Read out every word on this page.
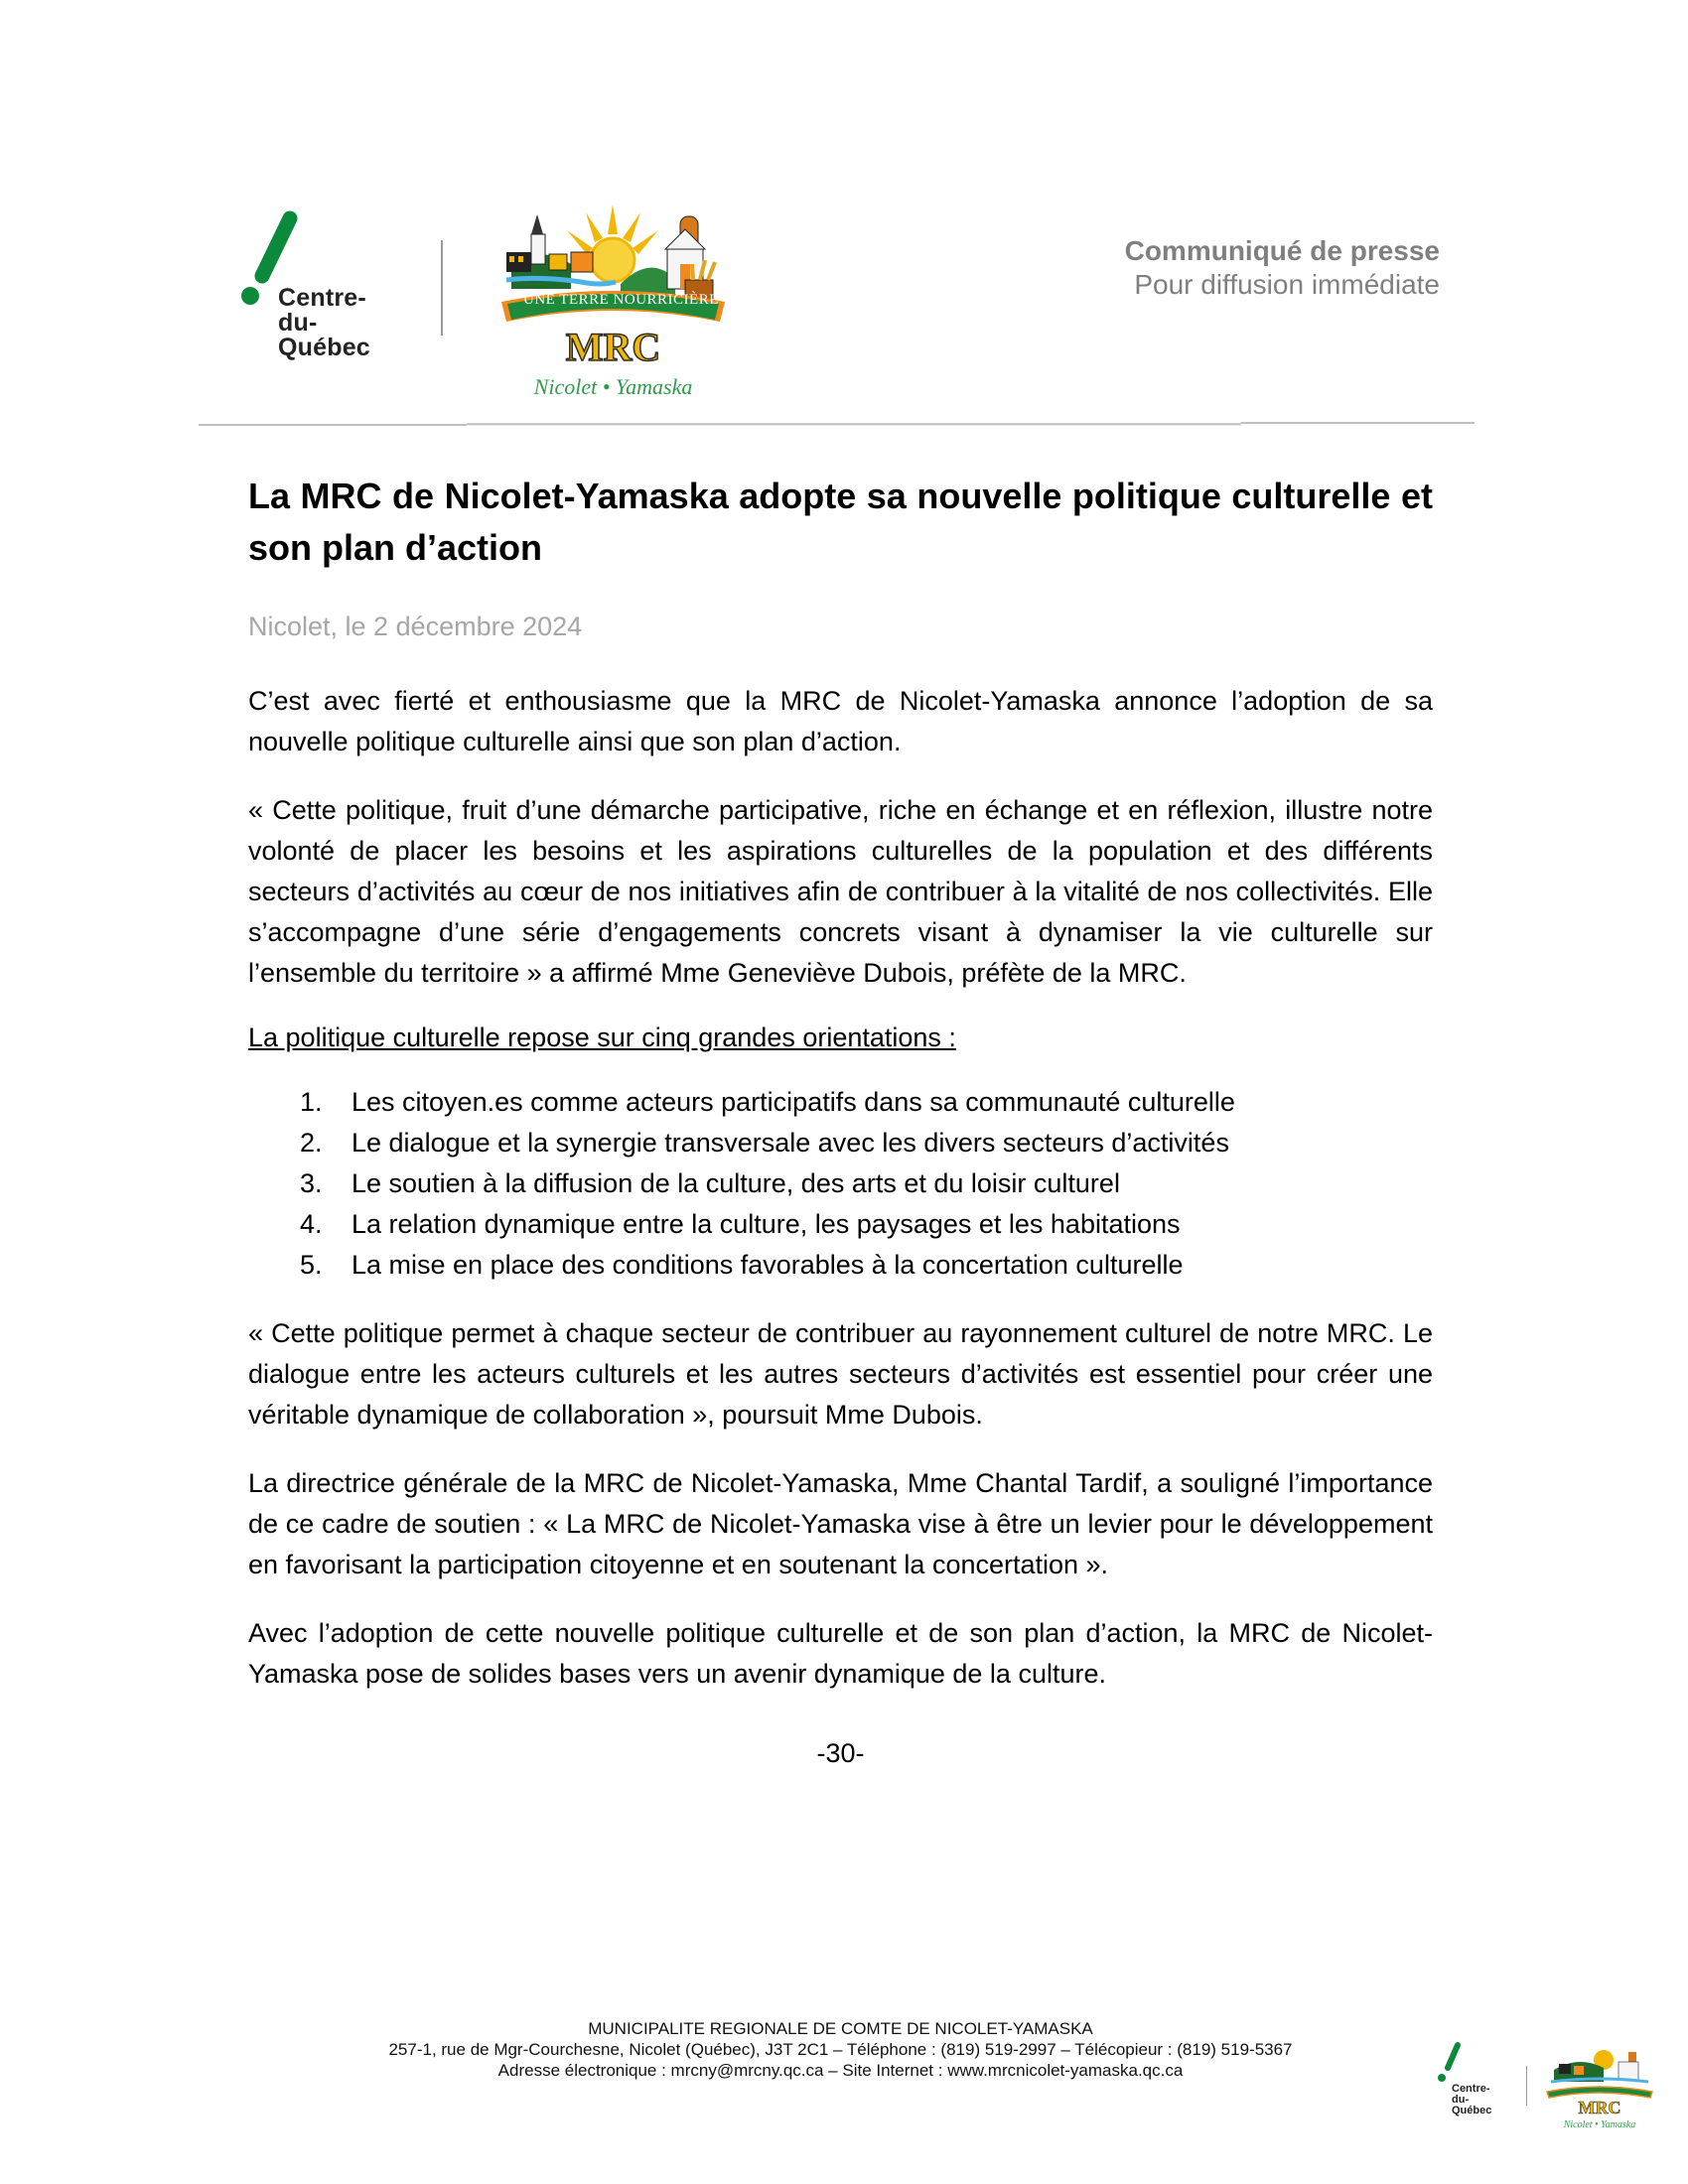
Centre-
du-
Québec
UNE TERRE NOURRICIÈRE
MRC
Nicolet • Yamaska
Communiqué de presse
Pour diffusion immédiate
La MRC de Nicolet-Yamaska adopte sa nouvelle politique culturelle et son plan d’action
Nicolet, le 2 décembre 2024

C’est avec fierté et enthousiasme que la MRC de Nicolet-Yamaska annonce l’adoption de sa nouvelle politique culturelle ainsi que son plan d’action.

« Cette politique, fruit d’une démarche participative, riche en échange et en réflexion, illustre notre volonté de placer les besoins et les aspirations culturelles de la population et des différents secteurs d’activités au cœur de nos initiatives afin de contribuer à la vitalité de nos collectivités. Elle s’accompagne d’une série d’engagements concrets visant à dynamiser la vie culturelle sur l’ensemble du territoire » a affirmé Mme Geneviève Dubois, préfète de la MRC.

La politique culturelle repose sur cinq grandes orientations :
1.	Les citoyen.es comme acteurs participatifs dans sa communauté culturelle
2.	Le dialogue et la synergie transversale avec les divers secteurs d’activités
3.	Le soutien à la diffusion de la culture, des arts et du loisir culturel
4.	La relation dynamique entre la culture, les paysages et les habitations
5.	La mise en place des conditions favorables à la concertation culturelle

« Cette politique permet à chaque secteur de contribuer au rayonnement culturel de notre MRC. Le dialogue entre les acteurs culturels et les autres secteurs d’activités est essentiel pour créer une véritable dynamique de collaboration », poursuit Mme Dubois.

La directrice générale de la MRC de Nicolet-Yamaska, Mme Chantal Tardif, a souligné l’importance de ce cadre de soutien : « La MRC de Nicolet-Yamaska vise à être un levier pour le développement en favorisant la participation citoyenne et en soutenant la concertation ».

Avec l’adoption de cette nouvelle politique culturelle et de son plan d’action, la MRC de Nicolet-Yamaska pose de solides bases vers un avenir dynamique de la culture.

-30-
MUNICIPALITE REGIONALE DE COMTE DE NICOLET-YAMASKA
257-1, rue de Mgr-Courchesne, Nicolet (Québec), J3T 2C1 – Téléphone : (819) 519-2997 – Télécopieur : (819) 519-5367
Adresse électronique : mrcny@mrcny.qc.ca – Site Internet : www.mrcnicolet-yamaska.qc.ca
Centre-
du-
Québec	MRC
Nicolet • Yamaska
